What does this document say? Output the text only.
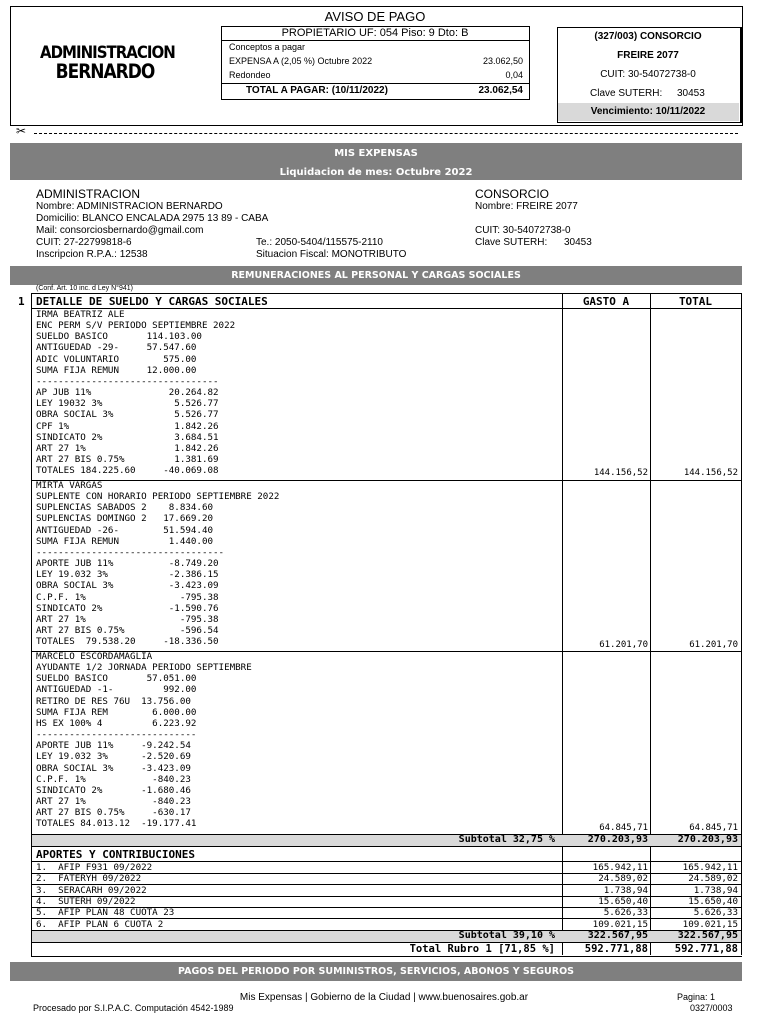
ADMINISTRACION
BERNARDO
AVISO DE PAGO
PROPIETARIO UF: 054 Piso: 9 Dto: B
Conceptos a pagar
EXPENSA A (2,05 %) Octubre 2022	23.062,50
Redondeo	0,04
TOTAL A PAGAR: (10/11/2022)	23.062,54
(327/003) CONSORCIO
FREIRE 2077
CUIT: 30-54072738-0
Clave SUTERH: 30453
Vencimiento: 10/11/2022
✂
MIS EXPENSAS
Liquidacion de mes: Octubre 2022
ADMINISTRACION
Nombre: ADMINISTRACION BERNARDO
Domicilio: BLANCO ENCALADA 2975 13 89 - CABA
Mail: consorciosbernardo@gmail.com
CUIT: 27-22799818-6	Te.: 2050-5404/115575-2110
Inscripcion R.P.A.: 12538	Situacion Fiscal: MONOTRIBUTO
CONSORCIO
Nombre: FREIRE 2077
CUIT: 30-54072738-0
Clave SUTERH: 30453
REMUNERACIONES AL PERSONAL Y CARGAS SOCIALES
(Conf. Art. 10 inc. d Ley N°941)
1 DETALLE DE SUELDO Y CARGAS SOCIALES	GASTO A	TOTAL
IRMA BEATRIZ ALE
ENC PERM S/V PERIODO SEPTIEMBRE 2022
SUELDO BASICO       114.103.00
ANTIGUEDAD -29-     57.547.60
ADIC VOLUNTARIO        575.00
SUMA FIJA REMUN     12.000.00
---------------------------------
AP JUB 11%              20.264.82
LEY 19032 3%             5.526.77
OBRA SOCIAL 3%           5.526.77
CPF 1%                   1.842.26
SINDICATO 2%             3.684.51
ART 27 1%                1.842.26
ART 27 BIS 0.75%         1.381.69
TOTALES 184.225.60     -40.069.08	144.156,52	144.156,52
MIRTA VARGAS
SUPLENTE CON HORARIO PERIODO SEPTIEMBRE 2022
SUPLENCIAS SABADOS 2    8.834.60
SUPLENCIAS DOMINGO 2   17.669.20
ANTIGUEDAD -26-        51.594.40
SUMA FIJA REMUN         1.440.00
----------------------------------
APORTE JUB 11%          -8.749.20
LEY 19.032 3%           -2.386.15
OBRA SOCIAL 3%          -3.423.09
C.P.F. 1%                 -795.38
SINDICATO 2%            -1.590.76
ART 27 1%                 -795.38
ART 27 BIS 0.75%          -596.54
TOTALES  79.538.20     -18.336.50	61.201,70	61.201,70
MARCELO ESCORDAMAGLIA
AYUDANTE 1/2 JORNADA PERIODO SEPTIEMBRE
SUELDO BASICO       57.051.00
ANTIGUEDAD -1-         992.00
RETIRO DE RES 76U  13.756.00
SUMA FIJA REM        6.000.00
HS EX 100% 4         6.223.92
-----------------------------
APORTE JUB 11%     -9.242.54
LEY 19.032 3%      -2.520.69
OBRA SOCIAL 3%     -3.423.09
C.P.F. 1%            -840.23
SINDICATO 2%       -1.680.46
ART 27 1%            -840.23
ART 27 BIS 0.75%     -630.17
TOTALES 84.013.12  -19.177.41	64.845,71	64.845,71
Subtotal 32,75 %	270.203,93	270.203,93
APORTES Y CONTRIBUCIONES
1.  AFIP F931 09/2022	165.942,11	165.942,11
2.  FATERYH 09/2022	24.589,02	24.589,02
3.  SERACARH 09/2022	1.738,94	1.738,94
4.  SUTERH 09/2022	15.650,40	15.650,40
5.  AFIP PLAN 48 CUOTA 23	5.626,33	5.626,33
6.  AFIP PLAN 6 CUOTA 2	109.021,15	109.021,15
Subtotal 39,10 %	322.567,95	322.567,95
Total Rubro 1 [71,85 %]	592.771,88	592.771,88
PAGOS DEL PERIODO POR SUMINISTROS, SERVICIOS, ABONOS Y SEGUROS
Mis Expensas | Gobierno de la Ciudad | www.buenosaires.gob.ar
Procesado por S.I.P.A.C. Computación 4542-1989
Pagina: 1
0327/0003
